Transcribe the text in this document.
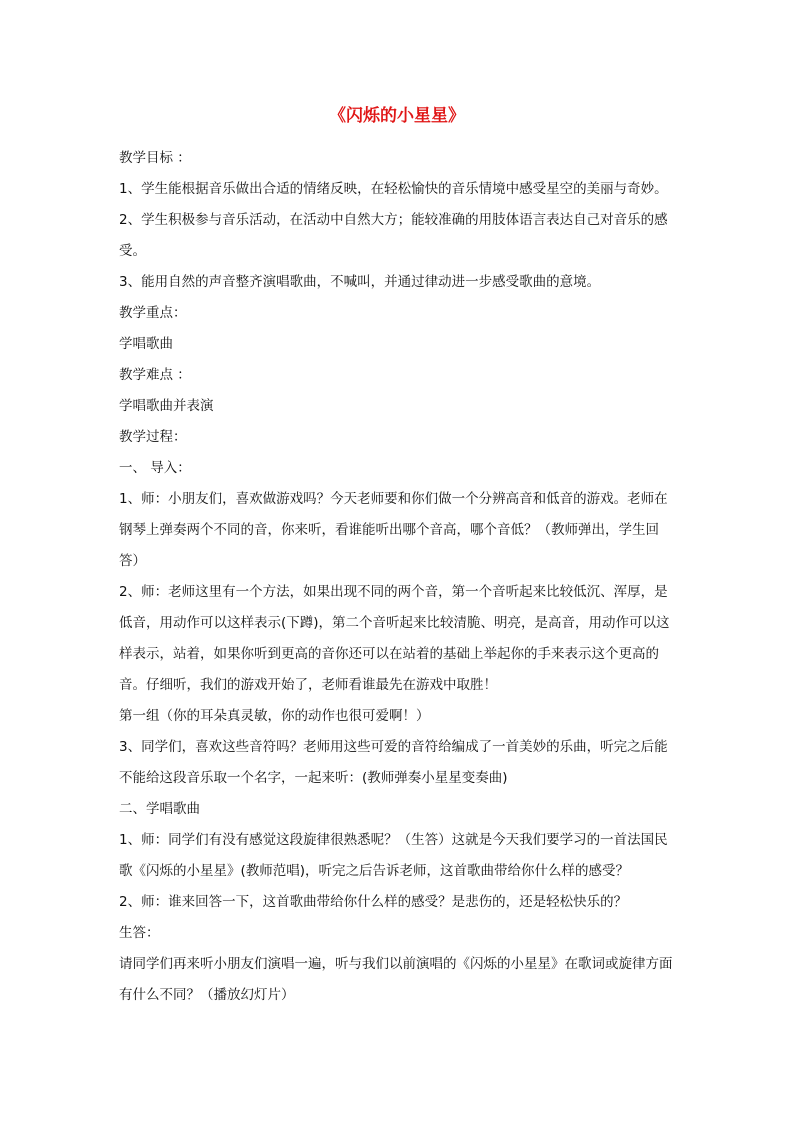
《闪烁的小星星》

教学目标 ：

1、学生能根据音乐做出合适的情绪反映，在轻松愉快的音乐情境中感受星空的美丽与奇妙。

2、学生积极参与音乐活动，在活动中自然大方；能较准确的用肢体语言表达自己对音乐的感受。

3、能用自然的声音整齐演唱歌曲，不喊叫，并通过律动进一步感受歌曲的意境。

教学重点：

学唱歌曲

教学难点 ：

学唱歌曲并表演

教学过程：

一、 导入：

1、师：小朋友们，喜欢做游戏吗？今天老师要和你们做一个分辨高音和低音的游戏。老师在钢琴上弹奏两个不同的音，你来听，看谁能听出哪个音高，哪个音低？（教师弹出，学生回答）

2、师：老师这里有一个方法，如果出现不同的两个音，第一个音听起来比较低沉、浑厚，是低音，用动作可以这样表示(下蹲)，第二个音听起来比较清脆、明亮，是高音，用动作可以这样表示，站着，如果你听到更高的音你还可以在站着的基础上举起你的手来表示这个更高的音。仔细听，我们的游戏开始了，老师看谁最先在游戏中取胜！

第一组（你的耳朵真灵敏，你的动作也很可爱啊！）

3、同学们，喜欢这些音符吗？老师用这些可爱的音符给编成了一首美妙的乐曲，听完之后能不能给这段音乐取一个名字，一起来听：(教师弹奏小星星变奏曲)

二、学唱歌曲

1、师：同学们有没有感觉这段旋律很熟悉呢？（生答）这就是今天我们要学习的一首法国民歌《闪烁的小星星》(教师范唱)，听完之后告诉老师，这首歌曲带给你什么样的感受？

2、师：谁来回答一下，这首歌曲带给你什么样的感受？是悲伤的，还是轻松快乐的？

生答：

请同学们再来听小朋友们演唱一遍，听与我们以前演唱的《闪烁的小星星》在歌词或旋律方面有什么不同？（播放幻灯片）
